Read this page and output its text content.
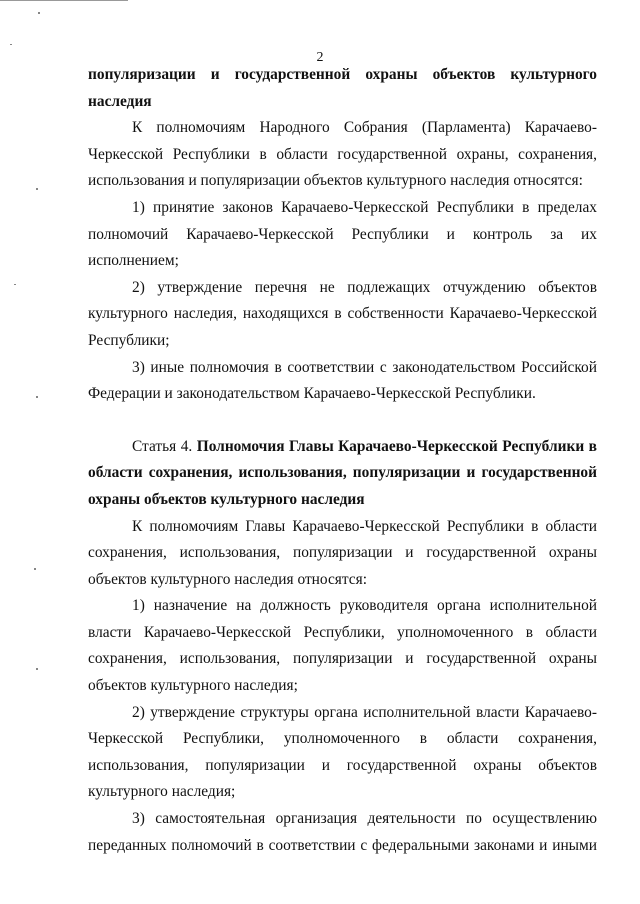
2

популяризации и государственной охраны объектов культурного наследия

К полномочиям Народного Собрания (Парламента) Карачаево-Черкесской Республики в области государственной охраны, сохранения, использования и популяризации объектов культурного наследия относятся:

1) принятие законов Карачаево-Черкесской Республики в пределах полномочий Карачаево-Черкесской Республики и контроль за их исполнением;

2) утверждение перечня не подлежащих отчуждению объектов культурного наследия, находящихся в собственности Карачаево-Черкесской Республики;

3) иные полномочия в соответствии с законодательством Российской Федерации и законодательством Карачаево-Черкесской Республики.

Статья 4. Полномочия Главы Карачаево-Черкесской Республики в области сохранения, использования, популяризации и государственной охраны объектов культурного наследия

К полномочиям Главы Карачаево-Черкесской Республики в области сохранения, использования, популяризации и государственной охраны объектов культурного наследия относятся:

1) назначение на должность руководителя органа исполнительной власти Карачаево-Черкесской Республики, уполномоченного в области сохранения, использования, популяризации и государственной охраны объектов культурного наследия;

2) утверждение структуры органа исполнительной власти Карачаево-Черкесской Республики, уполномоченного в области сохранения, использования, популяризации и государственной охраны объектов культурного наследия;

3) самостоятельная организация деятельности по осуществлению переданных полномочий в соответствии с федеральными законами и иными
